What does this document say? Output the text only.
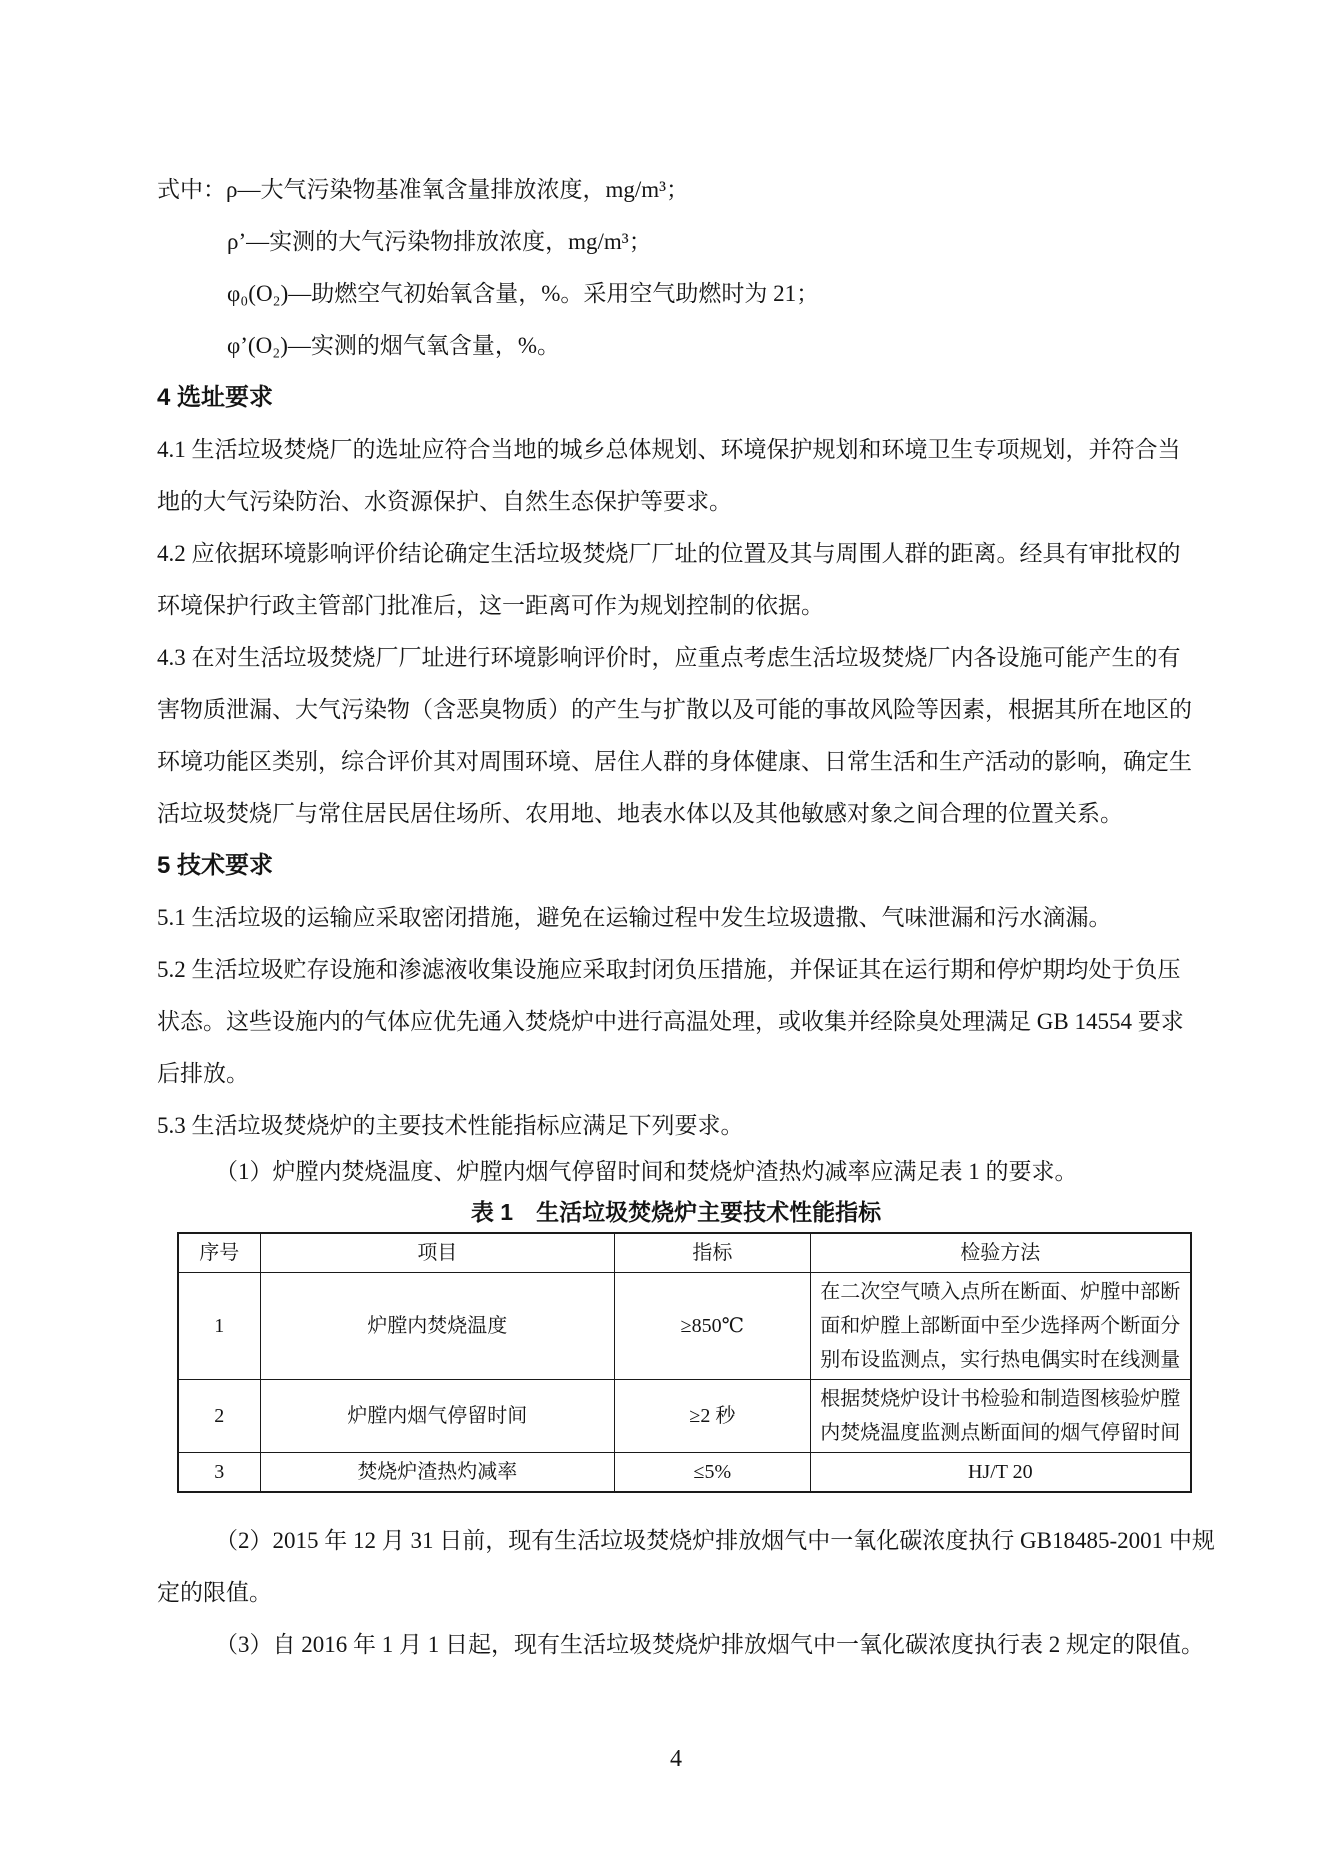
式中：ρ—大气污染物基准氧含量排放浓度，mg/m³；
ρ’—实测的大气污染物排放浓度，mg/m³；
φ₀(O₂)—助燃空气初始氧含量，%。采用空气助燃时为 21；
φ’(O₂)—实测的烟气氧含量，%。
4 选址要求
4.1 生活垃圾焚烧厂的选址应符合当地的城乡总体规划、环境保护规划和环境卫生专项规划，并符合当
地的大气污染防治、水资源保护、自然生态保护等要求。
4.2 应依据环境影响评价结论确定生活垃圾焚烧厂厂址的位置及其与周围人群的距离。经具有审批权的
环境保护行政主管部门批准后，这一距离可作为规划控制的依据。
4.3 在对生活垃圾焚烧厂厂址进行环境影响评价时，应重点考虑生活垃圾焚烧厂内各设施可能产生的有
害物质泄漏、大气污染物（含恶臭物质）的产生与扩散以及可能的事故风险等因素，根据其所在地区的
环境功能区类别，综合评价其对周围环境、居住人群的身体健康、日常生活和生产活动的影响，确定生
活垃圾焚烧厂与常住居民居住场所、农用地、地表水体以及其他敏感对象之间合理的位置关系。
5 技术要求
5.1 生活垃圾的运输应采取密闭措施，避免在运输过程中发生垃圾遗撒、气味泄漏和污水滴漏。
5.2 生活垃圾贮存设施和渗滤液收集设施应采取封闭负压措施，并保证其在运行期和停炉期均处于负压
状态。这些设施内的气体应优先通入焚烧炉中进行高温处理，或收集并经除臭处理满足 GB 14554 要求
后排放。
5.3 生活垃圾焚烧炉的主要技术性能指标应满足下列要求。
（1）炉膛内焚烧温度、炉膛内烟气停留时间和焚烧炉渣热灼减率应满足表 1 的要求。
表 1　生活垃圾焚烧炉主要技术性能指标
序号	项目	指标	检验方法
1	炉膛内焚烧温度	≥850℃	在二次空气喷入点所在断面、炉膛中部断面和炉膛上部断面中至少选择两个断面分别布设监测点，实行热电偶实时在线测量
2	炉膛内烟气停留时间	≥2 秒	根据焚烧炉设计书检验和制造图核验炉膛内焚烧温度监测点断面间的烟气停留时间
3	焚烧炉渣热灼减率	≤5%	HJ/T 20
（2）2015 年 12 月 31 日前，现有生活垃圾焚烧炉排放烟气中一氧化碳浓度执行 GB18485-2001 中规
定的限值。
（3）自 2016 年 1 月 1 日起，现有生活垃圾焚烧炉排放烟气中一氧化碳浓度执行表 2 规定的限值。
4
